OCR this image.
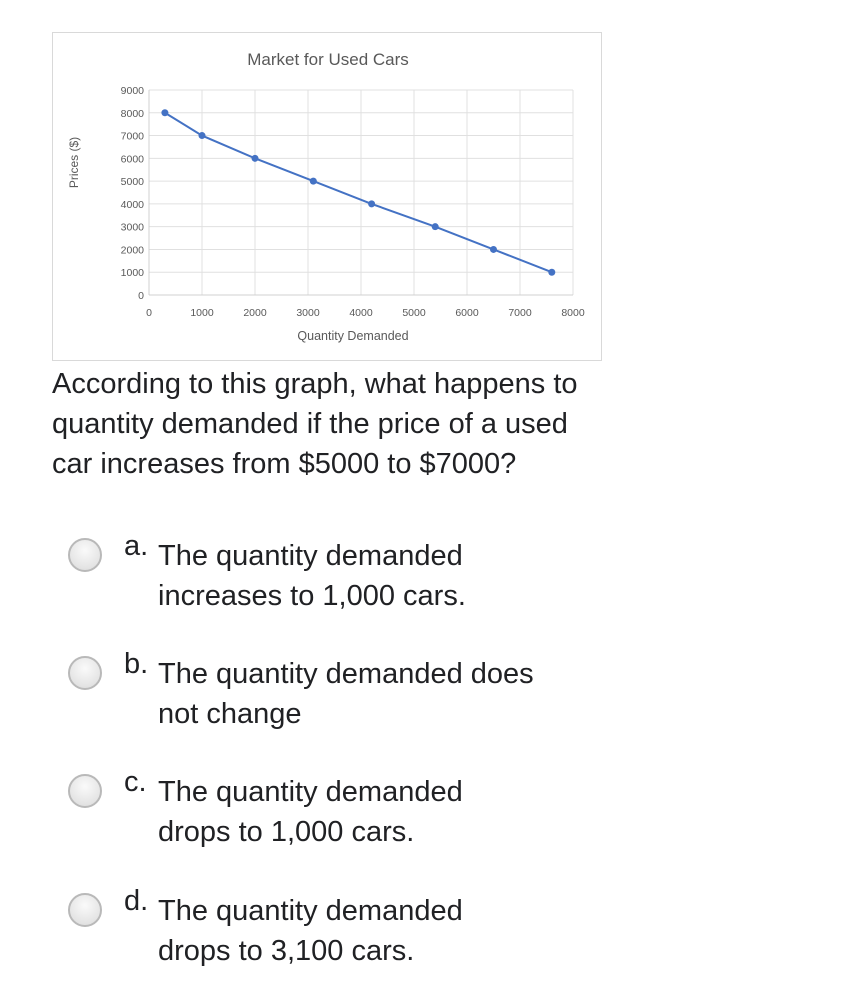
Market for Used Cars
0
1000
2000
3000
4000
5000
6000
7000
8000
9000
0	1000	2000	3000	4000	5000	6000	7000	8000
Quantity Demanded
Prices ($)

According to this graph, what happens to quantity demanded if the price of a used car increases from $5000 to $7000?

a. The quantity demanded
increases to 1,000 cars.
b. The quantity demanded does
not change
c. The quantity demanded
drops to 1,000 cars.
d. The quantity demanded
drops to 3,100 cars.
